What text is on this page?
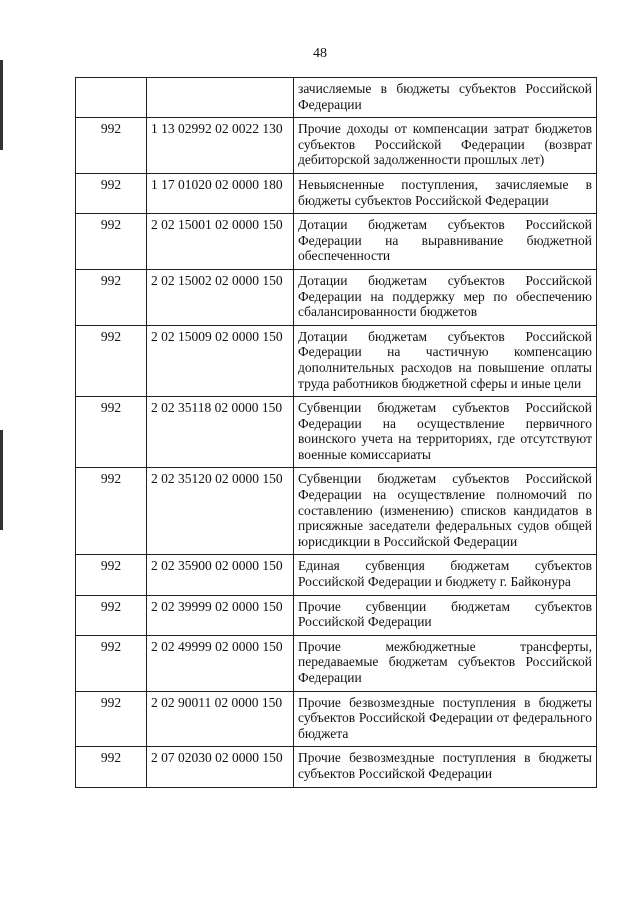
48
		зачисляемые в бюджеты субъектов Российской Федерации
992	1 13 02992 02 0022 130	Прочие доходы от компенсации затрат бюджетов субъектов Российской Федерации (возврат дебиторской задолженности прошлых лет)
992	1 17 01020 02 0000 180	Невыясненные поступления, зачисляемые в бюджеты субъектов Российской Федерации
992	2 02 15001 02 0000 150	Дотации бюджетам субъектов Российской Федерации на выравнивание бюджетной обеспеченности
992	2 02 15002 02 0000 150	Дотации бюджетам субъектов Российской Федерации на поддержку мер по обеспечению сбалансированности бюджетов
992	2 02 15009 02 0000 150	Дотации бюджетам субъектов Российской Федерации на частичную компенсацию дополнительных расходов на повышение оплаты труда работников бюджетной сферы и иные цели
992	2 02 35118 02 0000 150	Субвенции бюджетам субъектов Российской Федерации на осуществление первичного воинского учета на территориях, где отсутствуют военные комиссариаты
992	2 02 35120 02 0000 150	Субвенции бюджетам субъектов Российской Федерации на осуществление полномочий по составлению (изменению) списков кандидатов в присяжные заседатели федеральных судов общей юрисдикции в Российской Федерации
992	2 02 35900 02 0000 150	Единая субвенция бюджетам субъектов Российской Федерации и бюджету г. Байконура
992	2 02 39999 02 0000 150	Прочие субвенции бюджетам субъектов Российской Федерации
992	2 02 49999 02 0000 150	Прочие межбюджетные трансферты, передаваемые бюджетам субъектов Российской Федерации
992	2 02 90011 02 0000 150	Прочие безвозмездные поступления в бюджеты субъектов Российской Федерации от федерального бюджета
992	2 07 02030 02 0000 150	Прочие безвозмездные поступления в бюджеты субъектов Российской Федерации
